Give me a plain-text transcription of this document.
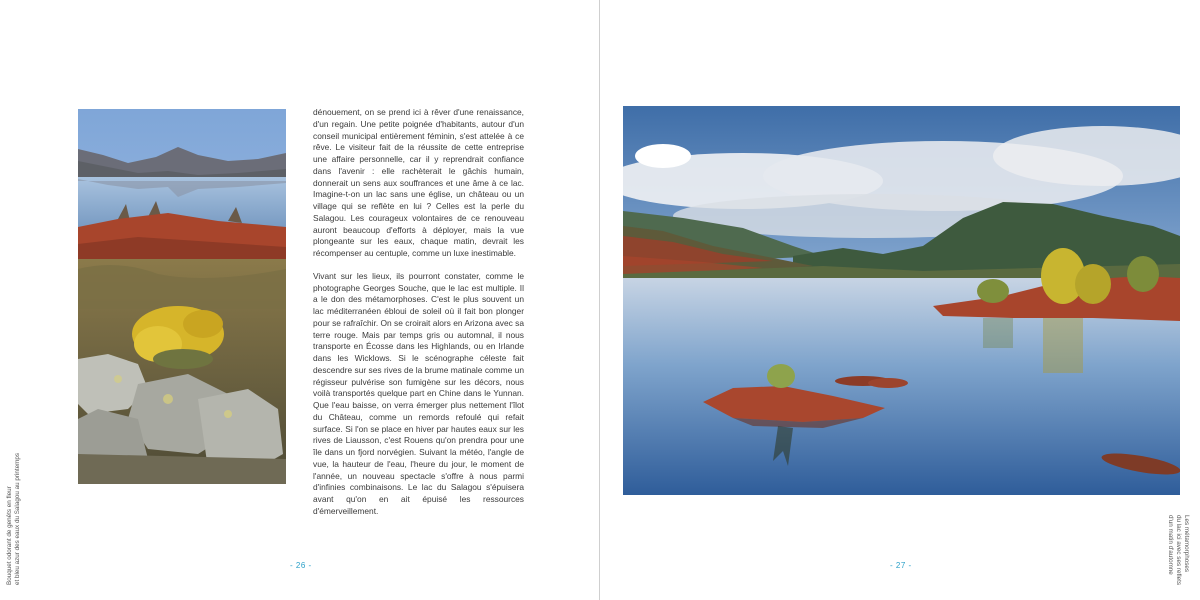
dénouement, on se prend ici à rêver d'une renaissance, d'un regain. Une petite poignée d'habitants, autour d'un conseil municipal entièrement féminin, s'est attelée à ce rêve. Le visiteur fait de la réussite de cette entreprise une affaire personnelle, car il y reprendrait confiance dans l'avenir : elle rachèterait le gâchis humain, donnerait un sens aux souffrances et une âme à ce lac. Imagine-t-on un lac sans une église, un château ou un village qui se reflète en lui ? Celles est la perle du Salagou. Les courageux volontaires de ce renouveau auront beaucoup d'efforts à déployer, mais la vue plongeante sur les eaux, chaque matin, devrait les récompenser au centuple, comme un luxe inestimable.

Vivant sur les lieux, ils pourront constater, comme le photographe Georges Souche, que le lac est multiple. Il a le don des métamorphoses. C'est le plus souvent un lac méditerranéen ébloui de soleil où il fait bon plonger pour se rafraîchir. On se croirait alors en Arizona avec sa terre rouge. Mais par temps gris ou automnal, il nous transporte en Écosse dans les Highlands, ou en Irlande dans les Wicklows. Si le scénographe céleste fait descendre sur ses rives de la brume matinale comme un régisseur pulvérise son fumigène sur les décors, nous voilà transportés quelque part en Chine dans le Yunnan. Que l'eau baisse, on verra émerger plus nettement l'îlot du Château, comme un remords refoulé qui refait surface. Si l'on se place en hiver par hautes eaux sur les rives de Liausson, c'est Rouens qu'on prendra pour une île dans un fjord norvégien. Suivant la météo, l'angle de vue, la hauteur de l'eau, l'heure du jour, le moment de l'année, un nouveau spectacle s'offre à nous parmi d'infinies combinaisons. Le lac du Salagou s'épuisera avant qu'on en ait épuisé les ressources d'émerveillement.

- 26 -
Bouquet odorant de genêts en fleur et bleu azur des eaux du Salagou au printemps	- 27 -	Les métamorphoses
du lac ici avec ses reflets
d'un matin d'automne
